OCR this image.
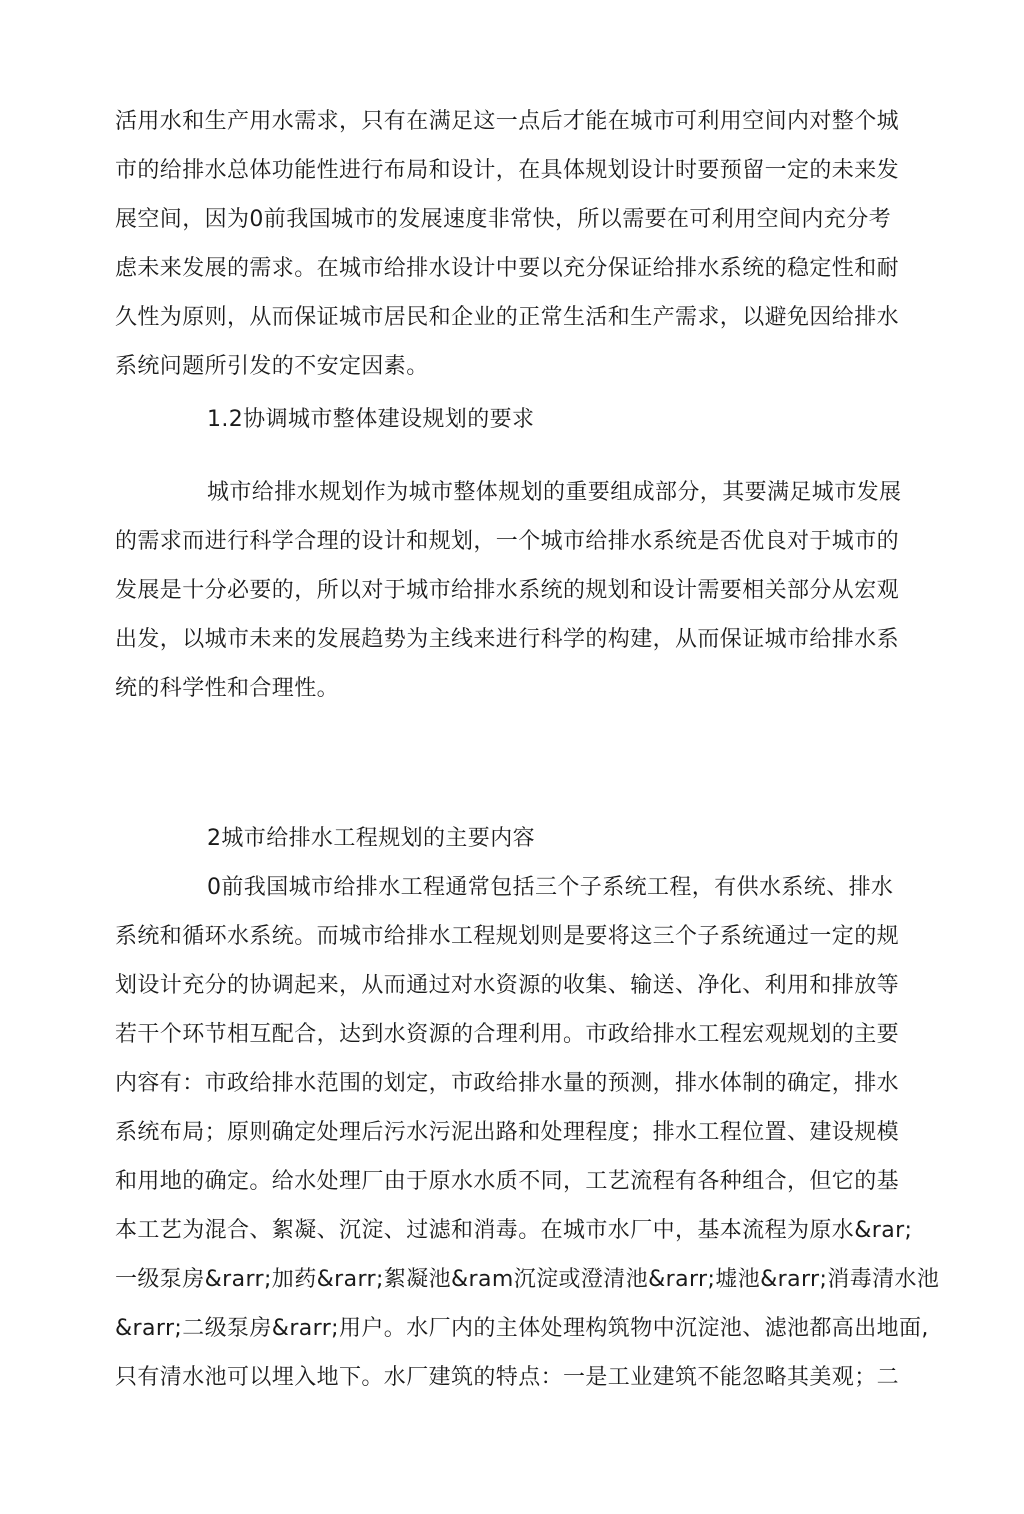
活用水和生产用水需求，只有在满足这一点后才能在城市可利用空间内对整个城
市的给排水总体功能性进行布局和设计，在具体规划设计时要预留一定的未来发
展空间，因为0前我国城市的发展速度非常快，所以需要在可利用空间内充分考
虑未来发展的需求。在城市给排水设计中要以充分保证给排水系统的稳定性和耐
久性为原则，从而保证城市居民和企业的正常生活和生产需求，以避免因给排水
系统问题所引发的不安定因素。
1.2协调城市整体建设规划的要求
城市给排水规划作为城市整体规划的重要组成部分，其要满足城市发展
的需求而进行科学合理的设计和规划，一个城市给排水系统是否优良对于城市的
发展是十分必要的，所以对于城市给排水系统的规划和设计需要相关部分从宏观
出发，以城市未来的发展趋势为主线来进行科学的构建，从而保证城市给排水系
统的科学性和合理性。
2城市给排水工程规划的主要内容
0前我国城市给排水工程通常包括三个子系统工程，有供水系统、排水
系统和循环水系统。而城市给排水工程规划则是要将这三个子系统通过一定的规
划设计充分的协调起来，从而通过对水资源的收集、输送、净化、利用和排放等
若干个环节相互配合，达到水资源的合理利用。市政给排水工程宏观规划的主要
内容有：市政给排水范围的划定，市政给排水量的预测，排水体制的确定，排水
系统布局；原则确定处理后污水污泥出路和处理程度；排水工程位置、建设规模
和用地的确定。给水处理厂由于原水水质不同，工艺流程有各种组合，但它的基
本工艺为混合、絮凝、沉淀、过滤和消毒。在城市水厂中，基本流程为原水&rar;
一级泵房&rarr;加药&rarr;絮凝池&ram沉淀或澄清池&rarr;墟池&rarr;消毒清水池
&rarr;二级泵房&rarr;用户。水厂内的主体处理构筑物中沉淀池、滤池都高出地面,
只有清水池可以埋入地下。水厂建筑的特点：一是工业建筑不能忽略其美观；二
